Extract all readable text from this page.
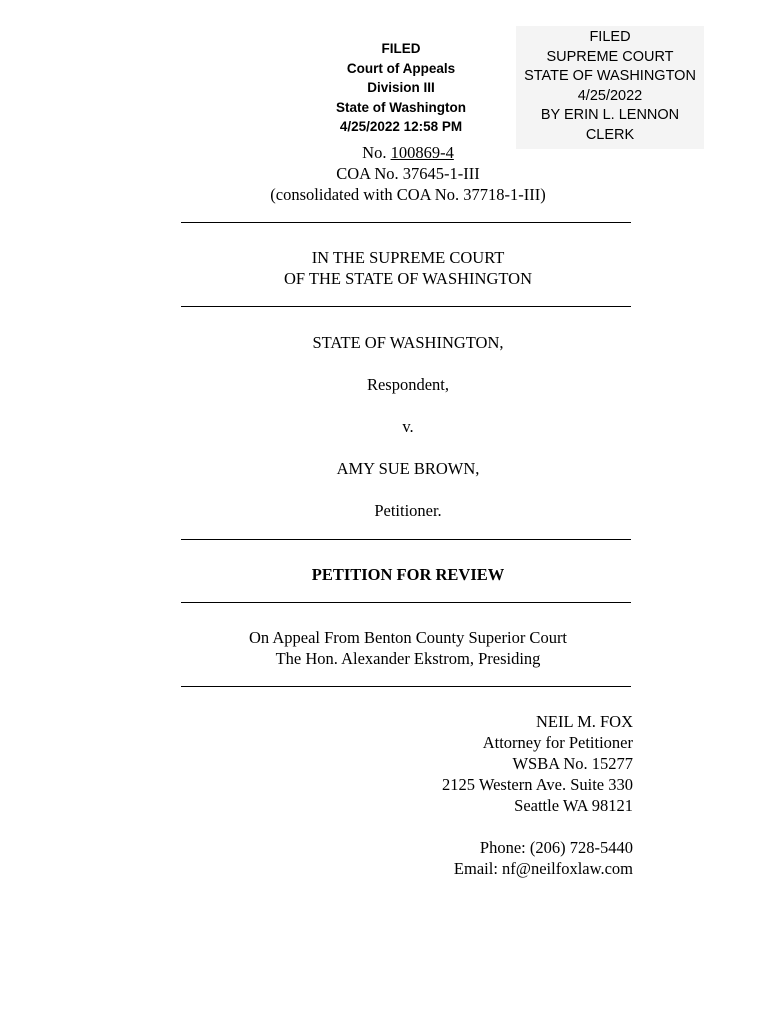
FILED
Court of Appeals
Division III
State of Washington
4/25/2022 12:58 PM
FILED
SUPREME COURT
STATE OF WASHINGTON
4/25/2022
BY ERIN L. LENNON
CLERK
No. 100869-4
COA No. 37645-1-III
(consolidated with COA No. 37718-1-III)
IN THE SUPREME COURT
OF THE STATE OF WASHINGTON
STATE OF WASHINGTON,
Respondent,
v.
AMY SUE BROWN,
Petitioner.
PETITION FOR REVIEW
On Appeal From Benton County Superior Court
The Hon. Alexander Ekstrom, Presiding
NEIL M. FOX
Attorney for Petitioner
WSBA No. 15277
2125 Western Ave. Suite 330
Seattle WA 98121
Phone: (206) 728-5440
Email: nf@neilfoxlaw.com
